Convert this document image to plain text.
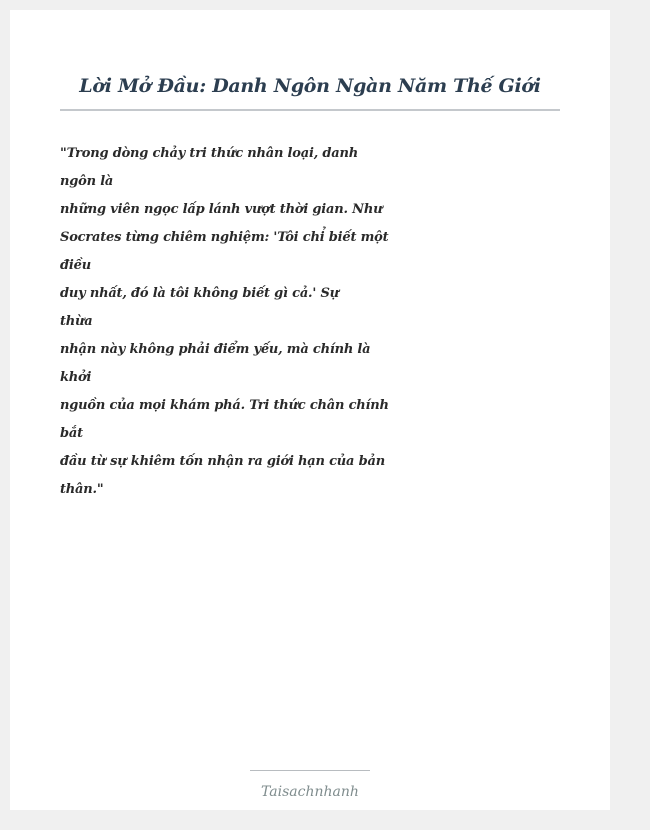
Lời Mở Đầu: Danh Ngôn Ngàn Năm Thế Giới
"Trong dòng chảy tri thức nhân loại, danh
ngôn là
những viên ngọc lấp lánh vượt thời gian. Như
Socrates từng chiêm nghiệm: 'Tôi chỉ biết một
điều
duy nhất, đó là tôi không biết gì cả.' Sự
thừa
nhận này không phải điểm yếu, mà chính là
khởi
nguồn của mọi khám phá. Tri thức chân chính
bắt
đầu từ sự khiêm tốn nhận ra giới hạn của bản
thân."
Taisachnhanh
